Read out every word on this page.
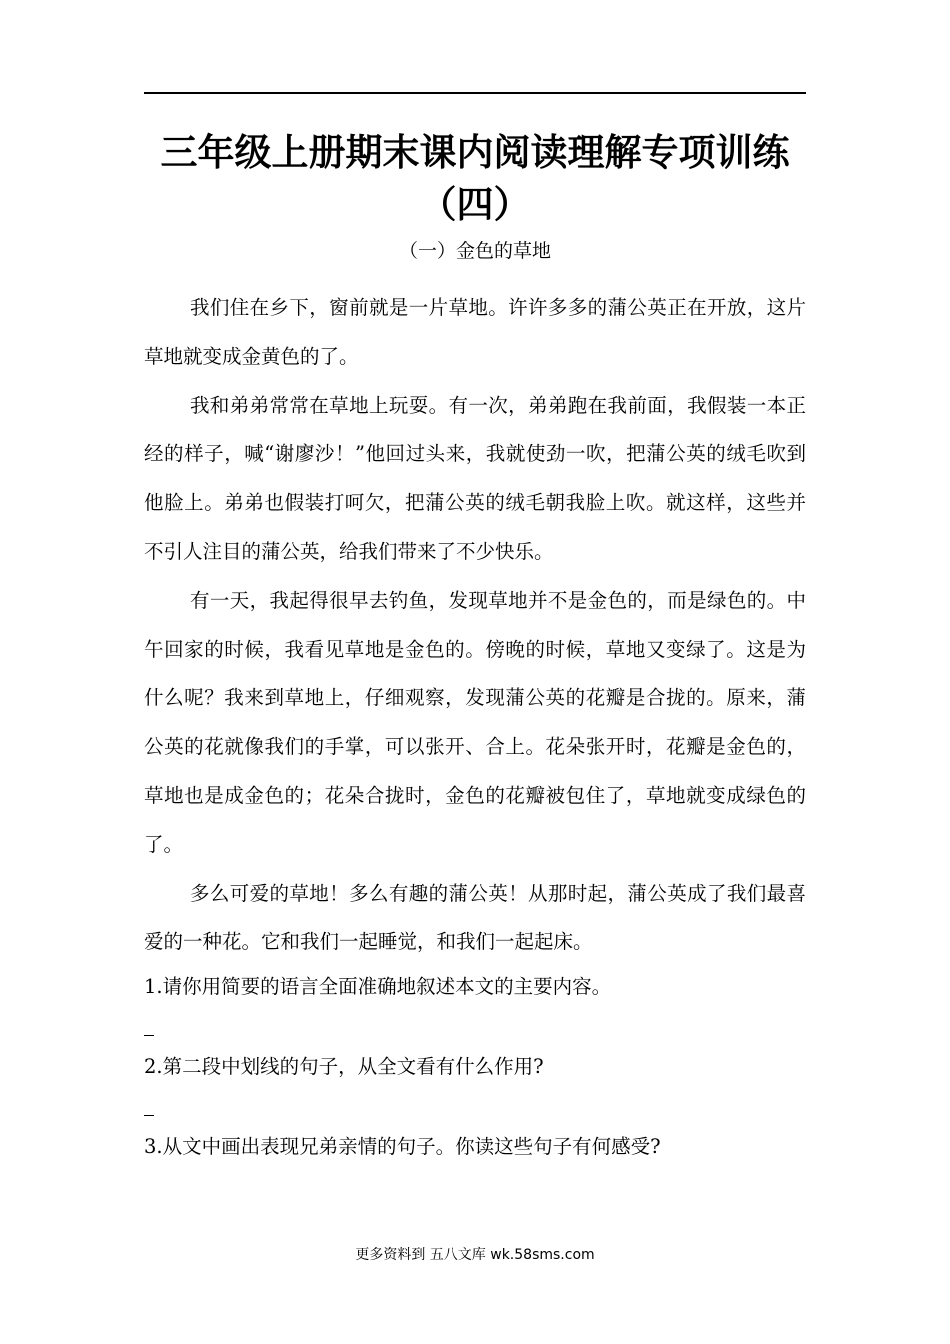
三年级上册期末课内阅读理解专项训练
（四）
（一）金色的草地

我们住在乡下，窗前就是一片草地。许许多多的蒲公英正在开放，这片草地就变成金黄色的了。

我和弟弟常常在草地上玩耍。有一次，弟弟跑在我前面，我假装一本正经的样子，喊“谢廖沙！”他回过头来，我就使劲一吹，把蒲公英的绒毛吹到他脸上。弟弟也假装打呵欠，把蒲公英的绒毛朝我脸上吹。就这样，这些并不引人注目的蒲公英，给我们带来了不少快乐。

有一天，我起得很早去钓鱼，发现草地并不是金色的，而是绿色的。中午回家的时候，我看见草地是金色的。傍晚的时候，草地又变绿了。这是为什么呢？我来到草地上，仔细观察，发现蒲公英的花瓣是合拢的。原来，蒲公英的花就像我们的手掌，可以张开、合上。花朵张开时，花瓣是金色的，草地也是成金色的；花朵合拢时，金色的花瓣被包住了，草地就变成绿色的了。

多么可爱的草地！多么有趣的蒲公英！从那时起，蒲公英成了我们最喜爱的一种花。它和我们一起睡觉，和我们一起起床。

1.请你用简要的语言全面准确地叙述本文的主要内容。

2.第二段中划线的句子，从全文看有什么作用?

3.从文中画出表现兄弟亲情的句子。你读这些句子有何感受?

更多资料到 五八文库 wk.58sms.com
